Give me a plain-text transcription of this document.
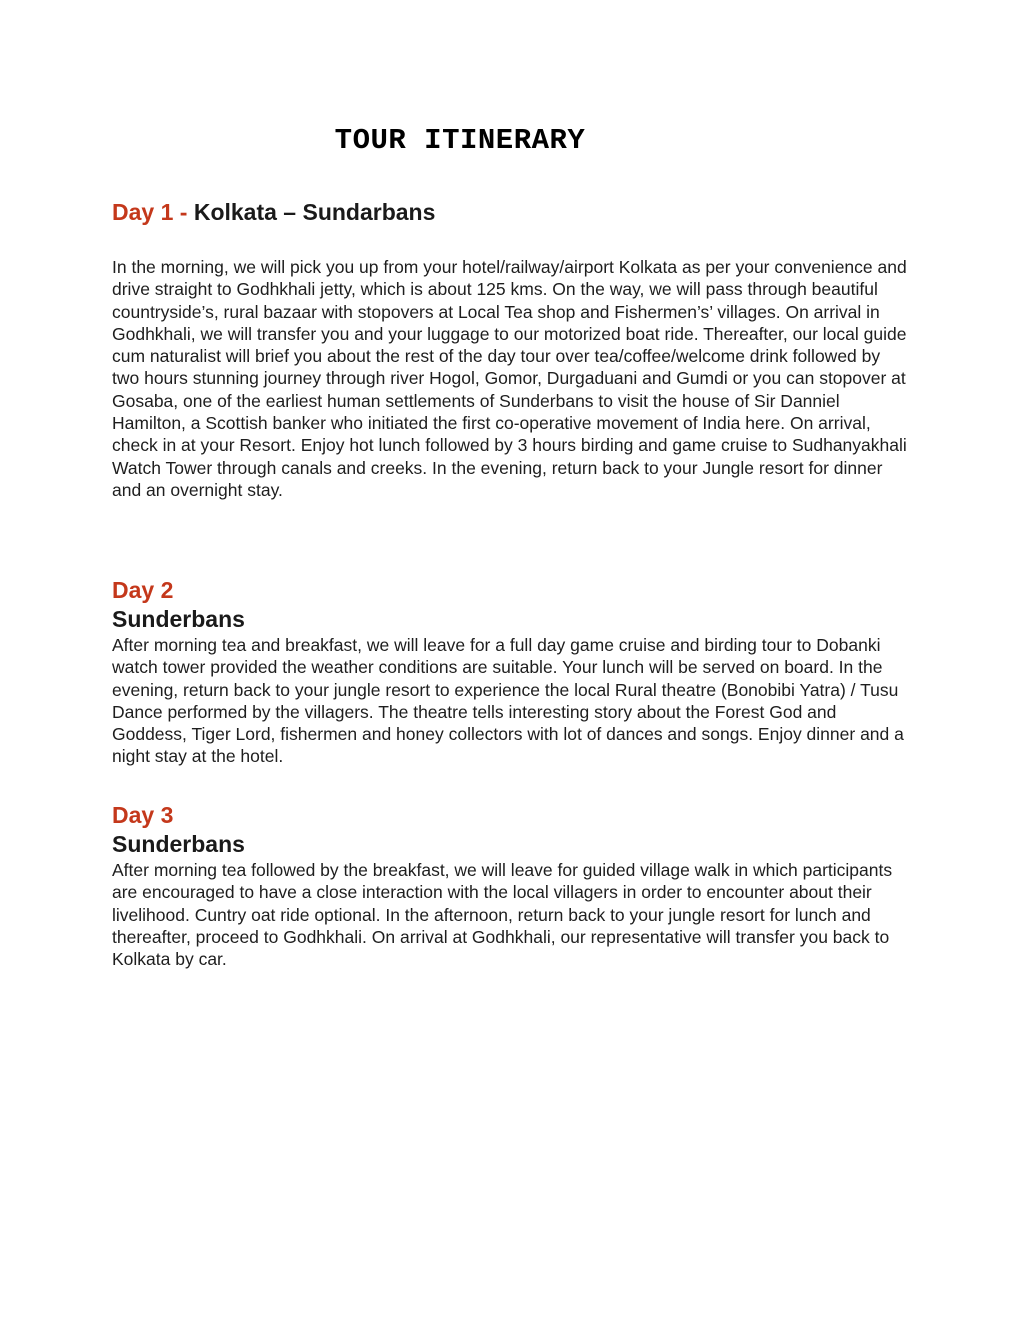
TOUR ITINERARY
Day 1 - Kolkata – Sundarbans

In the morning, we will pick you up from your hotel/railway/airport Kolkata as per your convenience and drive straight to Godhkhali jetty, which is about 125 kms. On the way, we will pass through beautiful countryside’s, rural bazaar with stopovers at Local Tea shop and Fishermen’s’ villages. On arrival in Godhkhali, we will transfer you and your luggage to our motorized boat ride. Thereafter, our local guide cum naturalist will brief you about the rest of the day tour over tea/coffee/welcome drink followed by two hours stunning journey through river Hogol, Gomor, Durgaduani and Gumdi or you can stopover at Gosaba, one of the earliest human settlements of Sunderbans to visit the house of Sir Danniel Hamilton, a Scottish banker who initiated the first co-operative movement of India here. On arrival, check in at your Resort. Enjoy hot lunch followed by 3 hours birding and game cruise to Sudhanyakhali Watch Tower through canals and creeks. In the evening, return back to your Jungle resort for dinner and an overnight stay.

Day 2
Sunderbans

After morning tea and breakfast, we will leave for a full day game cruise and birding tour to Dobanki watch tower provided the weather conditions are suitable. Your lunch will be served on board. In the evening, return back to your jungle resort to experience the local Rural theatre (Bonobibi Yatra) / Tusu Dance performed by the villagers. The theatre tells interesting story about the Forest God and Goddess, Tiger Lord, fishermen and honey collectors with lot of dances and songs. Enjoy dinner and a night stay at the hotel.

Day 3
Sunderbans

After morning tea followed by the breakfast, we will leave for guided village walk in which participants are encouraged to have a close interaction with the local villagers in order to encounter about their livelihood. Cuntry oat ride optional. In the afternoon, return back to your jungle resort for lunch and thereafter, proceed to Godhkhali. On arrival at Godhkhali, our representative will transfer you back to Kolkata by car.
